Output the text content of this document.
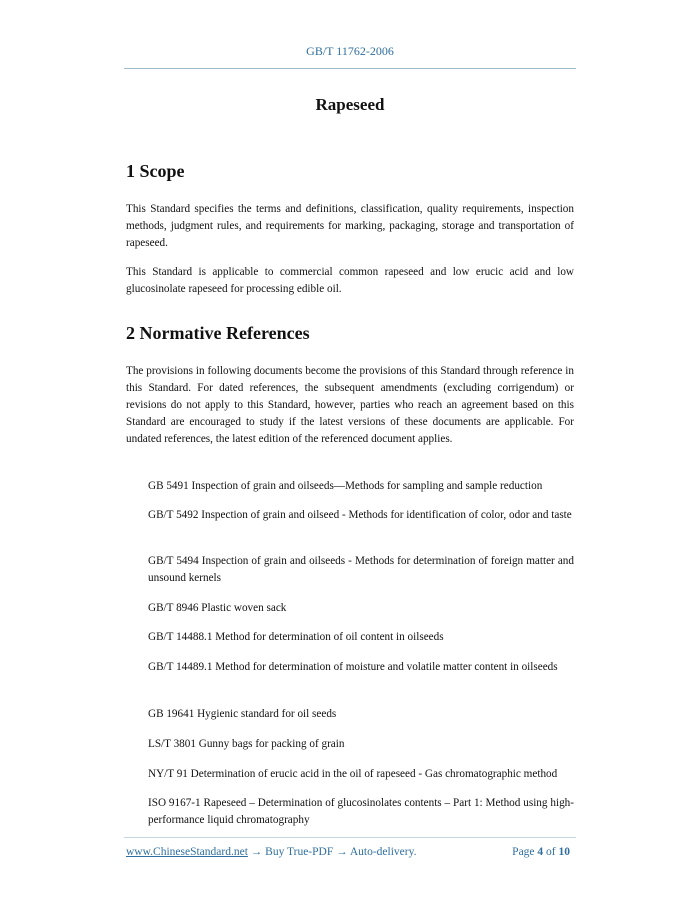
GB/T 11762-2006
Rapeseed
1 Scope
This Standard specifies the terms and definitions, classification, quality requirements, inspection methods, judgment rules, and requirements for marking, packaging, storage and transportation of rapeseed.
This Standard is applicable to commercial common rapeseed and low erucic acid and low glucosinolate rapeseed for processing edible oil.
2 Normative References
The provisions in following documents become the provisions of this Standard through reference in this Standard. For dated references, the subsequent amendments (excluding corrigendum) or revisions do not apply to this Standard, however, parties who reach an agreement based on this Standard are encouraged to study if the latest versions of these documents are applicable. For undated references, the latest edition of the referenced document applies.
GB 5491 Inspection of grain and oilseeds—Methods for sampling and sample reduction
GB/T 5492 Inspection of grain and oilseed - Methods for identification of color, odor and taste
GB/T 5494 Inspection of grain and oilseeds - Methods for determination of foreign matter and unsound kernels
GB/T 8946 Plastic woven sack
GB/T 14488.1 Method for determination of oil content in oilseeds
GB/T 14489.1 Method for determination of moisture and volatile matter content in oilseeds
GB 19641 Hygienic standard for oil seeds
LS/T 3801 Gunny bags for packing of grain
NY/T 91 Determination of erucic acid in the oil of rapeseed - Gas chromatographic method
ISO 9167-1 Rapeseed – Determination of glucosinolates contents – Part 1: Method using high-performance liquid chromatography
www.ChineseStandard.net → Buy True-PDF → Auto-delivery.	Page 4 of 10
